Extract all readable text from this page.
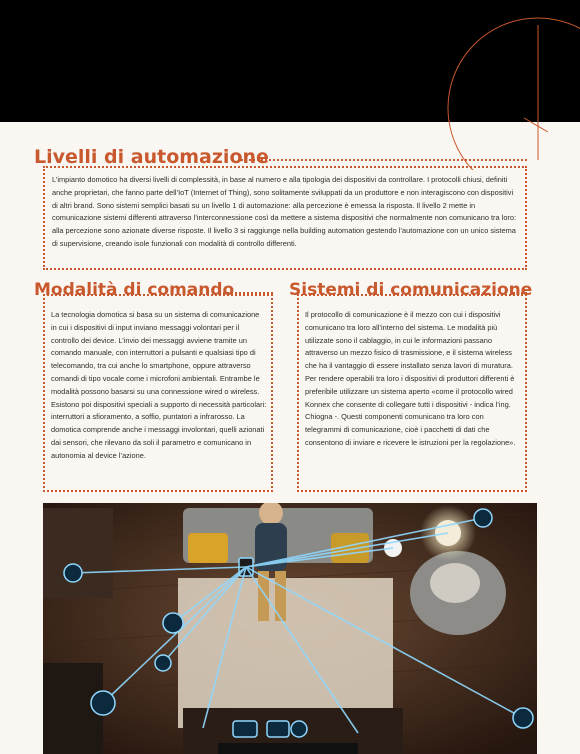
Livelli di automazione

L’impianto domotico ha diversi livelli di complessità, in base al numero e alla tipologia dei dispositivi da controllare. I protocolli chiusi, definiti anche proprietari, che fanno parte dell’IoT (Internet of Thing), sono solitamente sviluppati da un produttore e non interagiscono con dispositivi di altri brand. Sono sistemi semplici basati su un livello 1 di automazione: alla percezione è emessa la risposta. Il livello 2 mette in comunicazione sistemi differenti attraverso l’interconnessione così da mettere a sistema dispositivi che normalmente non comunicano tra loro: alla percezione sono azionate diverse risposte. Il livello 3 si raggiunge nella building automation gestendo l’automazione con un unico sistema di supervisione, creando isole funzionali con modalità di controllo differenti.

Modalità di comando

La tecnologia domotica si basa su un sistema di comunicazione in cui i dispositivi di input inviano messaggi volontari per il controllo dei device. L’invio dei messaggi avviene tramite un comando manuale, con interruttori a pulsanti e qualsiasi tipo di telecomando, tra cui anche lo smartphone, oppure attraverso comandi di tipo vocale come i microfoni ambientali. Entrambe le modalità possono basarsi su una connessione wired o wireless. Esistono poi dispositivi speciali a supporto di necessità particolari: interruttori a sfioramento, a soffio, puntatori a infrarosso. La domotica comprende anche i messaggi involontari, quelli azionati dai sensori, che rilevano da soli il parametro e comunicano in autonomia al device l’azione.

Sistemi di comunicazione

Il protocollo di comunicazione è il mezzo con cui i dispositivi comunicano tra loro all’interno del sistema. Le modalità più utilizzate sono il cablaggio, in cui le informazioni passano attraverso un mezzo fisico di trasmissione, e il sistema wireless che ha il vantaggio di essere installato senza lavori di muratura. Per rendere operabili tra loro i dispositivi di produttori differenti è preferibile utilizzare un sistema aperto «come il protocollo wired Konnex che consente di collegare tutti i dispositivi - indica l’ing. Chiogna -. Questi componenti comunicano tra loro con telegrammi di comunicazione, cioè i pacchetti di dati che consentono di inviare e ricevere le istruzioni per la regolazione».
